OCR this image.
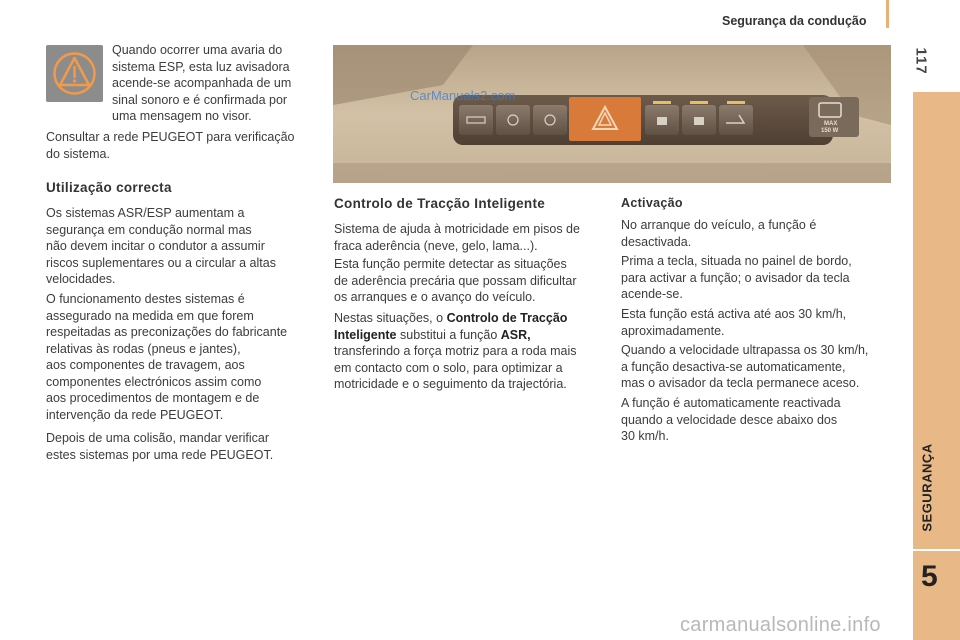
Segurança da condução
117
SEGURANÇA
5

Quando ocorrer uma avaria do

sistema ESP, esta luz avisadora

acende-se acompanhada de um

sinal sonoro e é confirmada por

uma mensagem no visor.

Consultar a rede PEUGEOT para verificação

do sistema.

Utilização correcta

Os sistemas ASR/ESP aumentam a

segurança em condução normal mas

não devem incitar o condutor a assumir

riscos suplementares ou a circular a altas

velocidades.

O funcionamento destes sistemas é

assegurado na medida em que forem

respeitadas as preconizações do fabricante

relativas às rodas (pneus e jantes),

aos componentes de travagem, aos

componentes electrónicos assim como

aos procedimentos de montagem e de

intervenção da rede PEUGEOT.

Depois de uma colisão, mandar verificar

estes sistemas por uma rede PEUGEOT.

MAX
150 W
CarManuals2.com
Controlo de Tracção Inteligente

Sistema de ajuda à motricidade em pisos de

fraca aderência (neve, gelo, lama...).

Esta função permite detectar as situações

de aderência precária que possam dificultar

os arranques e o avanço do veículo.

Nestas situações, o Controlo de Tracção

Inteligente substitui a função ASR,

transferindo a força motriz para a roda mais

em contacto com o solo, para optimizar a

motricidade e o seguimento da trajectória.

Activação

No arranque do veículo, a função é

desactivada.

Prima a tecla, situada no painel de bordo,

para activar a função; o avisador da tecla

acende-se.

Esta função está activa até aos 30 km/h,

aproximadamente.

Quando a velocidade ultrapassa os 30 km/h,

a função desactiva-se automaticamente,

mas o avisador da tecla permanece aceso.

A função é automaticamente reactivada

quando a velocidade desce abaixo dos

30 km/h.

carmanualsonline.info
